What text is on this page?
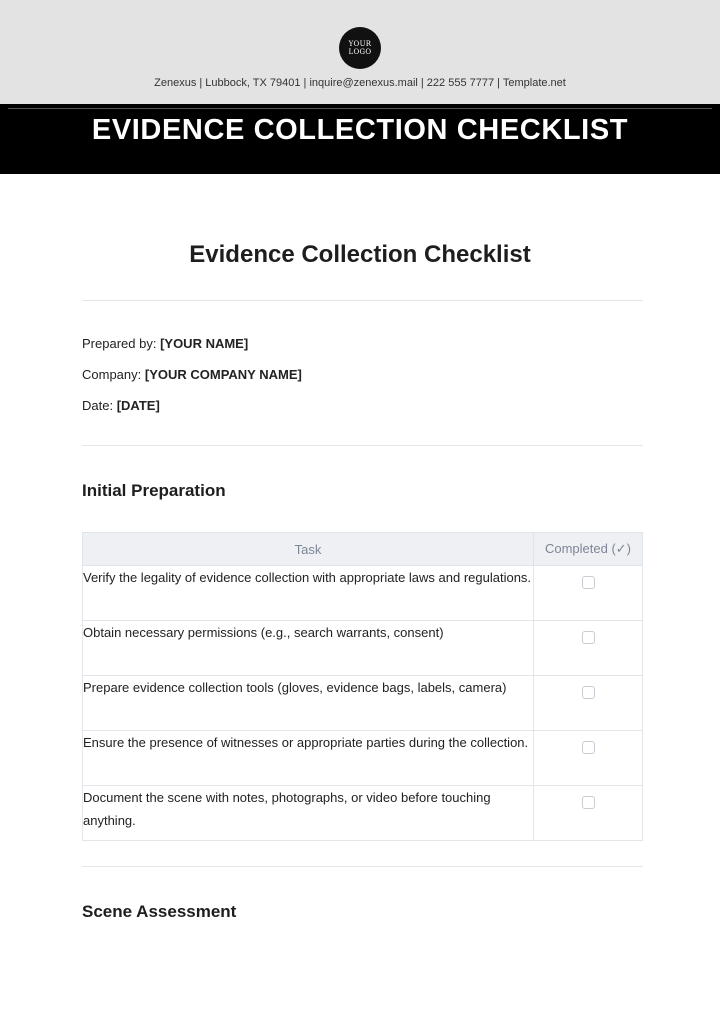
YOUR
LOGO
Zenexus | Lubbock, TX 79401 | inquire@zenexus.mail | 222 555 7777 | Template.net
EVIDENCE COLLECTION CHECKLIST
Evidence Collection Checklist
Prepared by: [YOUR NAME]
Company: [YOUR COMPANY NAME]
Date: [DATE]
Initial Preparation
Task	Completed (✓)
Verify the legality of evidence collection with appropriate laws and regulations.	
Obtain necessary permissions (e.g., search warrants, consent)	
Prepare evidence collection tools (gloves, evidence bags, labels, camera)	
Ensure the presence of witnesses or appropriate parties during the collection.	
Document the scene with notes, photographs, or video before touching anything.	
Scene Assessment
